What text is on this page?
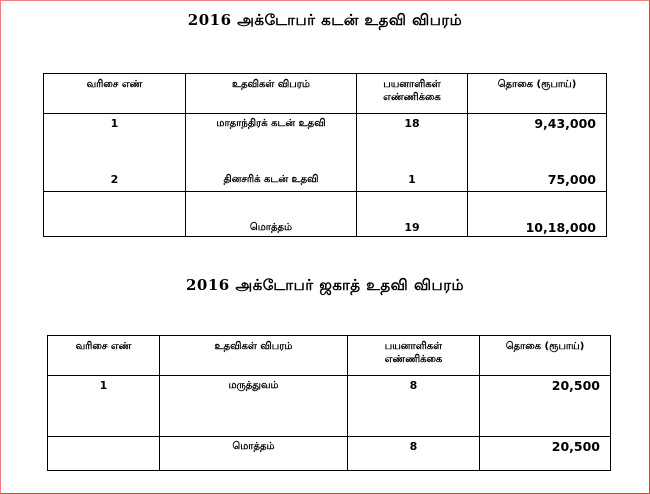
2016 அக்டோபர் கடன் உதவி விபரம்
வரிசை எண்	உதவிகள் விபரம்	பயனாளிகள் எண்ணிக்கை	தொகை (ரூபாய்)
1	மாதாந்திரக் கடன் உதவி	18	9,43,000
2	தினசரிக் கடன் உதவி	1	75,000
	மொத்தம்	19	10,18,000
2016 அக்டோபர் ஜகாத் உதவி விபரம்
வரிசை எண்	உதவிகள் விபரம்	பயனாளிகள் எண்ணிக்கை	தொகை (ரூபாய்)
1	மருத்துவம்	8	20,500
	மொத்தம்	8	20,500
